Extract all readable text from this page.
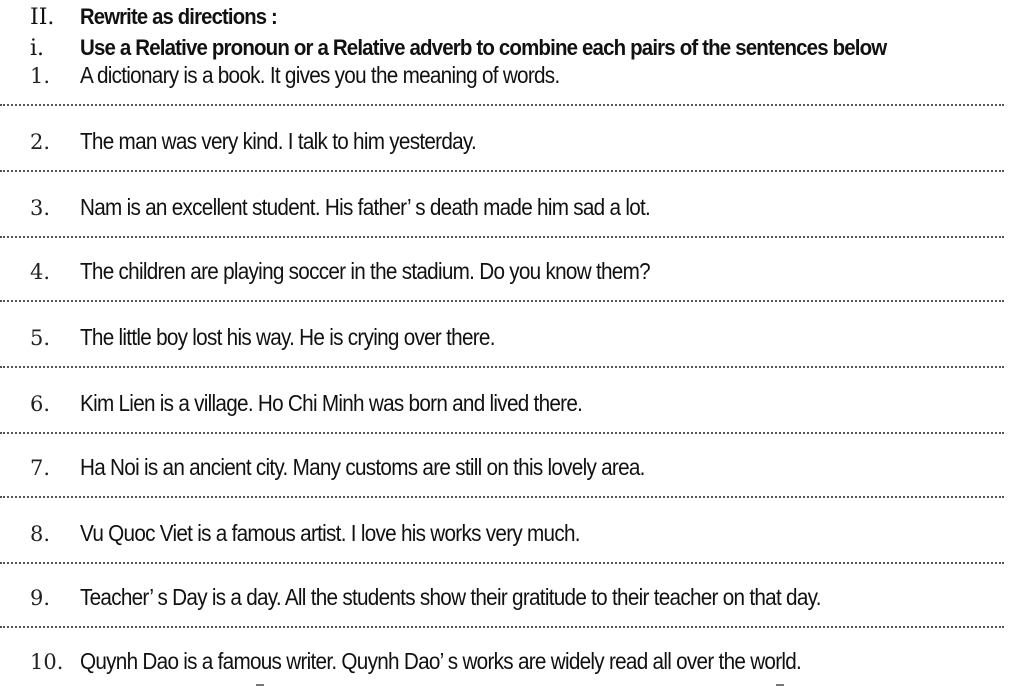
II. Rewrite as directions :
i. Use a Relative pronoun or a Relative adverb to combine each pairs of the sentences below
1. A dictionary is a book. It gives you the meaning of words.
2. The man was very kind. I talk to him yesterday.
3. Nam is an excellent student. His father’ s death made him sad a lot.
4. The children are playing soccer in the stadium. Do you know them?
5. The little boy lost his way. He is crying over there.
6. Kim Lien is a village. Ho Chi Minh was born and lived there.
7. Ha Noi is an ancient city. Many customs are still on this lovely area.
8. Vu Quoc Viet is a famous artist. I love his works very much.
9. Teacher’ s Day is a day. All the students show their gratitude to their teacher on that day.
10. Quynh Dao is a famous writer. Quynh Dao’ s works are widely read all over the world.
